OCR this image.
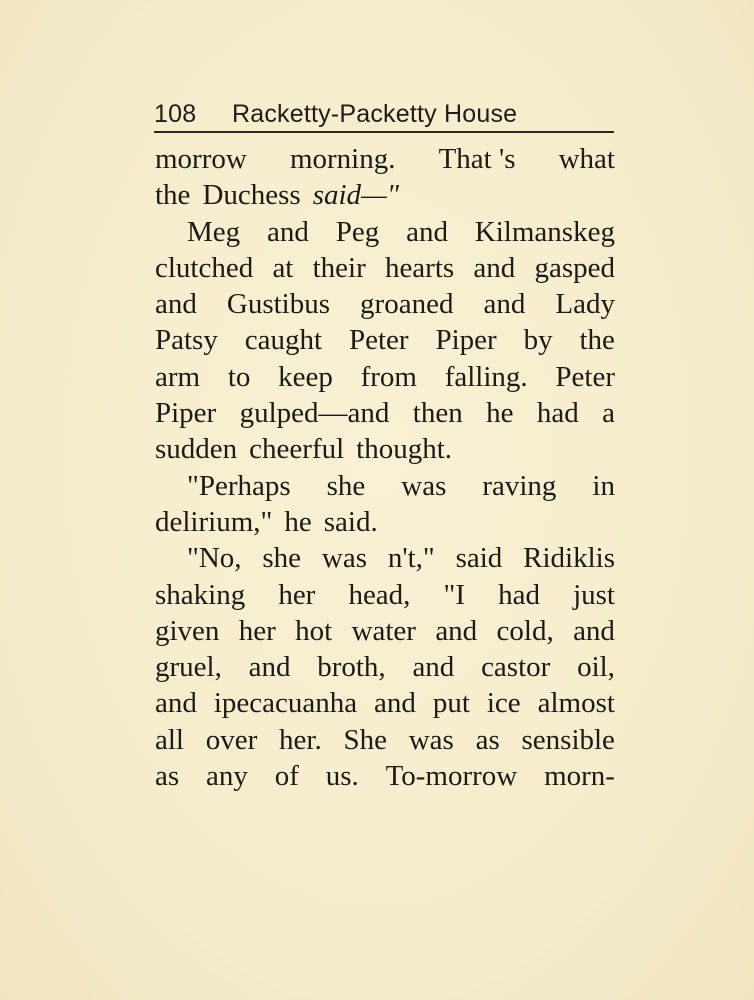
108 Racketty-Packetty House
morrow morning. That 's what
the Duchess said—"
Meg and Peg and Kilmanskeg
clutched at their hearts and gasped
and Gustibus groaned and Lady
Patsy caught Peter Piper by the
arm to keep from falling. Peter
Piper gulped—and then he had a
sudden cheerful thought.
"Perhaps she was raving in
delirium," he said.
"No, she was n't," said Ridiklis
shaking her head, "I had just
given her hot water and cold, and
gruel, and broth, and castor oil,
and ipecacuanha and put ice almost
all over her. She was as sensible
as any of us. To-morrow morn-
